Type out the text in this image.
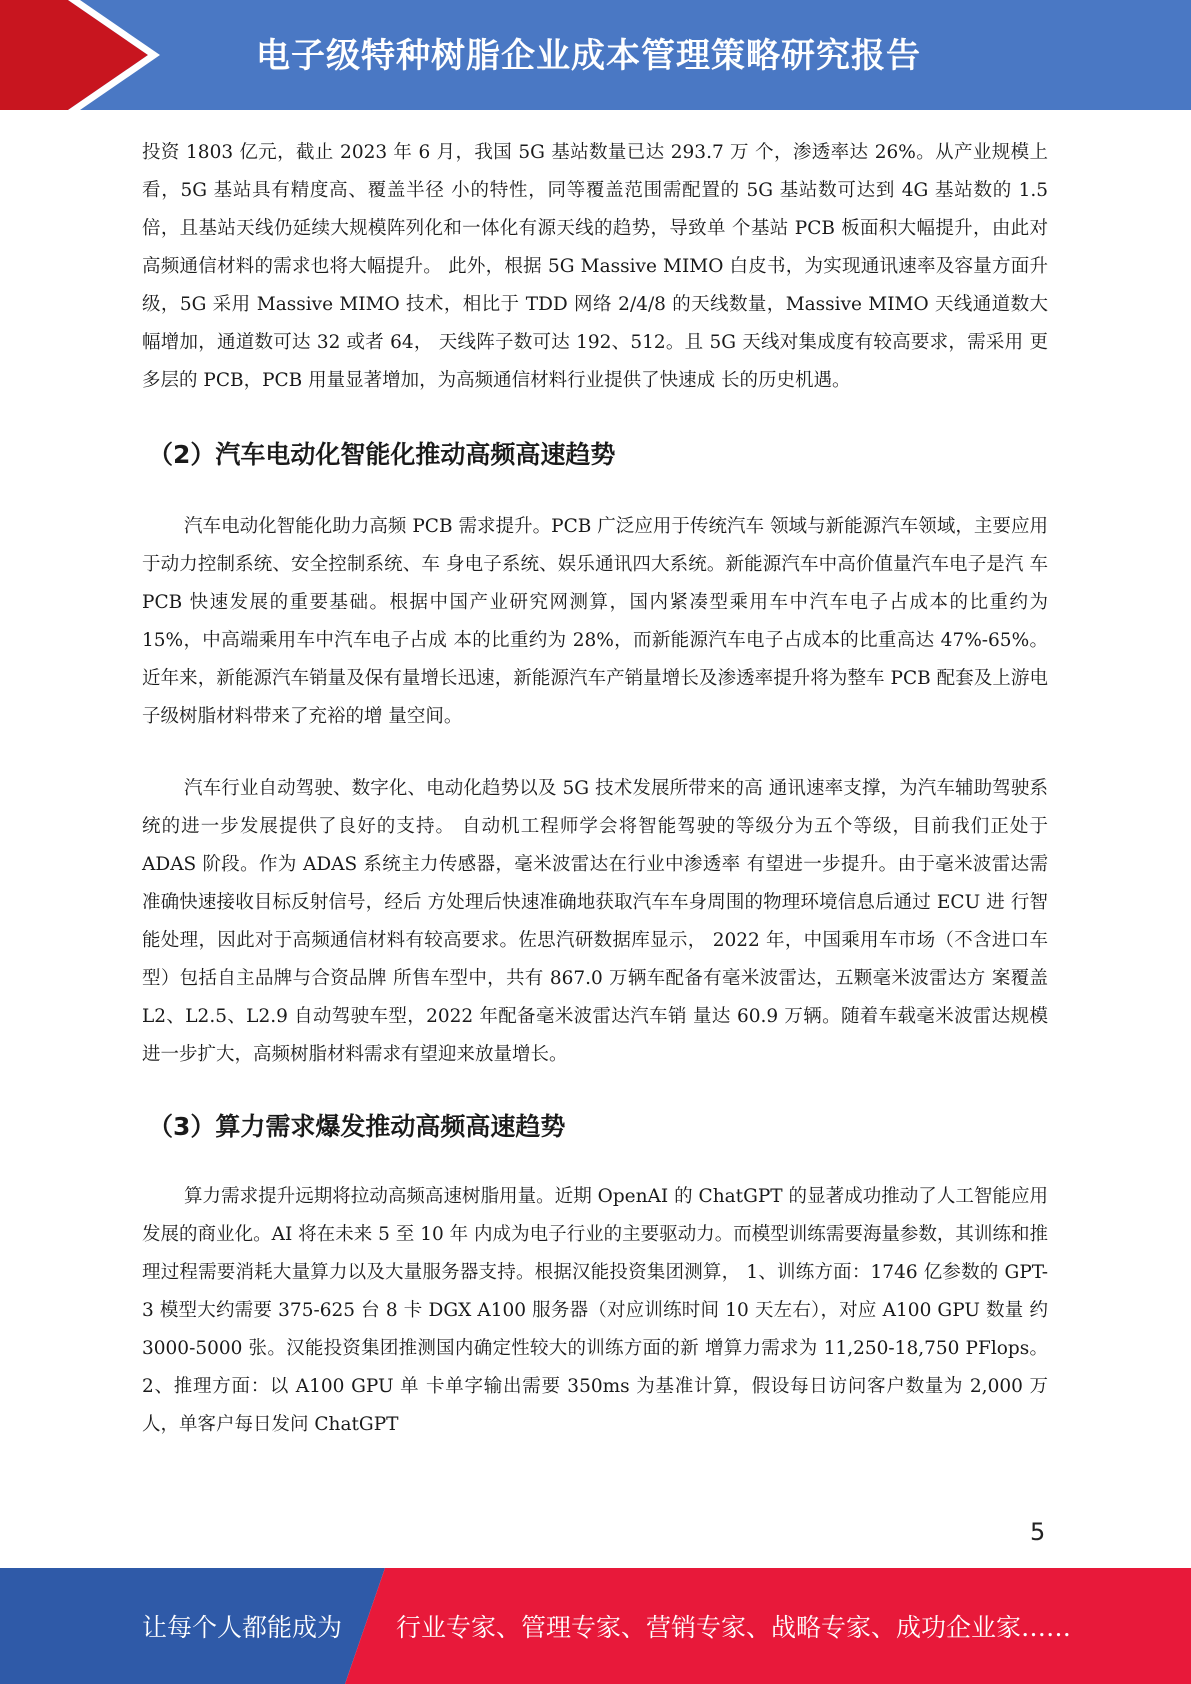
电子级特种树脂企业成本管理策略研究报告

投资 1803 亿元，截止 2023 年 6 月，我国 5G 基站数量已达 293.7 万 个，渗透率达 26%。从产业规模上看，5G 基站具有精度高、覆盖半径 小的特性，同等覆盖范围需配置的 5G 基站数可达到 4G 基站数的 1.5 倍，且基站天线仍延续大规模阵列化和一体化有源天线的趋势，导致单 个基站 PCB 板面积大幅提升，由此对高频通信材料的需求也将大幅提升。 此外，根据 5G Massive MIMO 白皮书，为实现通讯速率及容量方面升 级，5G 采用 Massive MIMO 技术，相比于 TDD 网络 2/4/8 的天线数量，Massive MIMO 天线通道数大幅增加，通道数可达 32 或者 64， 天线阵子数可达 192、512。且 5G 天线对集成度有较高要求，需采用 更多层的 PCB，PCB 用量显著增加，为高频通信材料行业提供了快速成 长的历史机遇。

（2）汽车电动化智能化推动高频高速趋势

汽车电动化智能化助力高频 PCB 需求提升。PCB 广泛应用于传统汽车 领域与新能源汽车领域，主要应用于动力控制系统、安全控制系统、车 身电子系统、娱乐通讯四大系统。新能源汽车中高价值量汽车电子是汽 车 PCB 快速发展的重要基础。根据中国产业研究网测算，国内紧凑型乘用车中汽车电子占成本的比重约为 15%，中高端乘用车中汽车电子占成 本的比重约为 28%，而新能源汽车电子占成本的比重高达 47%-65%。 近年来，新能源汽车销量及保有量增长迅速，新能源汽车产销量增长及渗透率提升将为整车 PCB 配套及上游电子级树脂材料带来了充裕的增 量空间。

汽车行业自动驾驶、数字化、电动化趋势以及 5G 技术发展所带来的高 通讯速率支撑，为汽车辅助驾驶系统的进一步发展提供了良好的支持。 自动机工程师学会将智能驾驶的等级分为五个等级，目前我们正处于 ADAS 阶段。作为 ADAS 系统主力传感器，毫米波雷达在行业中渗透率 有望进一步提升。由于毫米波雷达需准确快速接收目标反射信号，经后 方处理后快速准确地获取汽车车身周围的物理环境信息后通过 ECU 进 行智能处理，因此对于高频通信材料有较高要求。佐思汽研数据库显示， 2022 年，中国乘用车市场（不含进口车型）包括自主品牌与合资品牌 所售车型中，共有 867.0 万辆车配备有毫米波雷达，五颗毫米波雷达方 案覆盖 L2、L2.5、L2.9 自动驾驶车型，2022 年配备毫米波雷达汽车销 量达 60.9 万辆。随着车载毫米波雷达规模进一步扩大，高频树脂材料需求有望迎来放量增长。

（3）算力需求爆发推动高频高速趋势

算力需求提升远期将拉动高频高速树脂用量。近期 OpenAI 的 ChatGPT 的显著成功推动了人工智能应用发展的商业化。AI 将在未来 5 至 10 年 内成为电子行业的主要驱动力。而模型训练需要海量参数，其训练和推 理过程需要消耗大量算力以及大量服务器支持。根据汉能投资集团测算， 1、训练方面：1746 亿参数的 GPT-3 模型大约需要 375-625 台 8 卡 DGX A100 服务器（对应训练时间 10 天左右），对应 A100 GPU 数量 约 3000-5000 张。汉能投资集团推测国内确定性较大的训练方面的新 增算力需求为 11,250-18,750 PFlops。2、推理方面：以 A100 GPU 单 卡单字输出需要 350ms 为基准计算，假设每日访问客户数量为 2,000 万人，单客户每日发问 ChatGPT

5
让每个人都能成为 行业专家、管理专家、营销专家、战略专家、成功企业家……
